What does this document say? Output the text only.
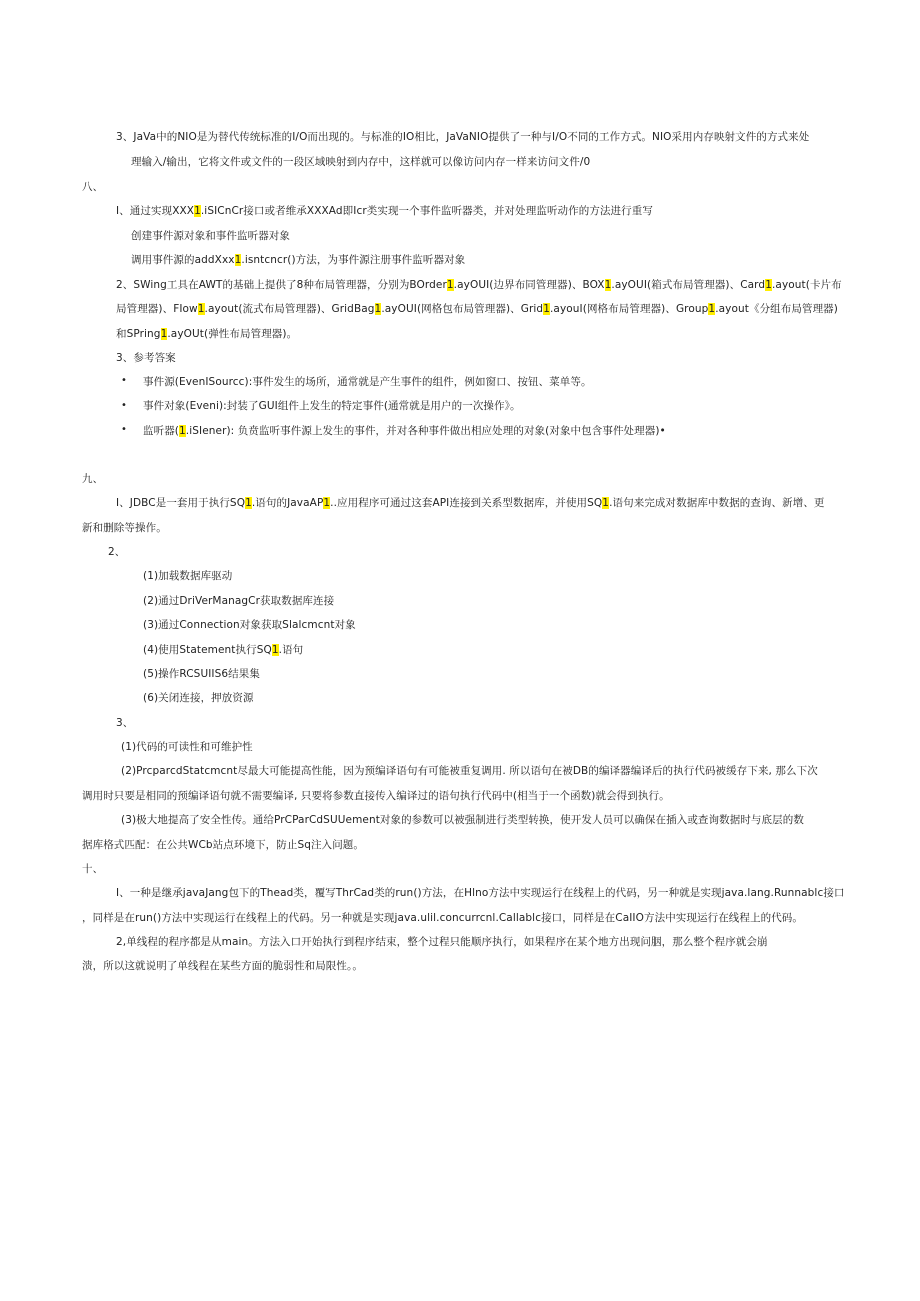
•
•
•
3、JaVa中的NIO是为替代传统标准的I/O而出现的。与标准的IO相比，JaVaNIO提供了一种与I/O不同的工作方式。NIO采用内存映射文件的方式来处
理输入/输出，它将文件或文件的一段区域映射到内存中，这样就可以像访问内存一样来访问文件/0
八、
I、通过实现XXX1.iSICnCr接口或者维承XXXAd即Icr类实现一个事件监听器类，并对处理监听动作的方法进行重写
创建事件源对象和事件监听器对象
调用事件源的addXxx1.isntcncr()方法，为事件源注册事件监听器对象
2、SWing工具在AWT的基础上提供了8种布局管理器，分别为BOrder1.ayOUI(边界布同管理器)、BOX1.ayOUI(箱式布局管理器)、Card1.ayout(卡片布
局管理器)、FIow1.ayout(流式布局管理器)、GridBag1.ayOUI(网格包布局管理器)、Grid1.ayouI(网格布局管理器)、Group1.ayout《分组布局管理器)
和SPring1.ayOUt(弹性布局管理器)。
3、参考答案
事件源(EvenISourcc):事件发生的场所，通常就是产生事件的组件，例如窗口、按钮、菜单等。
事件对象(Eveni):封装了GUI组件上发生的特定事件(通常就是用户的一次操作》。
监听器(1.iSIener): 负贲监听事件源上发生的事件，并对各种事件做出相应处理的对象(对象中包含事件处理器)•
九、
I、JDBC是一套用于执行SQ1.语句的JavaAP1..应用程序可通过这套API连接到关系型数据库，并使用SQ1.语句来完成对数据库中数据的查询、新增、更
新和删除等操作。
2、
(1)加载数据库驱动
(2)通过DriVerManagCr获取数据库连接
(3)通过Connection对象获取Slalcmcnt对象
(4)使用Statement执行SQ1.语句
(5)操作RCSUIIS6结果集
(6)关闭连接，押放资源
3、
(1)代码的可读性和可维护性
(2)PrcparcdStatcmcnt尽最大可能提高性能，因为预编译语句有可能被重复调用. 所以语句在被DB的编译器编译后的执行代码被缓存下来, 那么下次
调用时只要是相同的预编译语句就不需要编译, 只要将参数直接传入编译过的语句执行代码中(相当于一个函数)就会得到执行。
(3)极大地提高了安全性传。通给PrCParCdSUUement对象的参数可以被强制进行类型转换，使开发人员可以确保在插入或查询数据时与底层的数
据库格式匹配：在公共WCb站点环境下，防止Sq注入问题。
十、
I、一种是继承javaJang包下的Thead类，覆写ThrCad类的run()方法，在Hlno方法中实现运行在线程上的代码，另一种就是实现java.lang.Runnablc接口
，同样是在run()方法中实现运行在线程上的代码。另一种就是实现java.ulil.concurrcnl.Callablc接口，同样是在CaIIO方法中实现运行在线程上的代码。
2,单线程的程序都是从main。方法入口开始执行到程序结束，整个过程只能顺序执行，如果程序在某个地方出现问胭，那么整个程序就会崩
溃，所以这就说明了单线程在某些方面的脆弱性和局限性。。
